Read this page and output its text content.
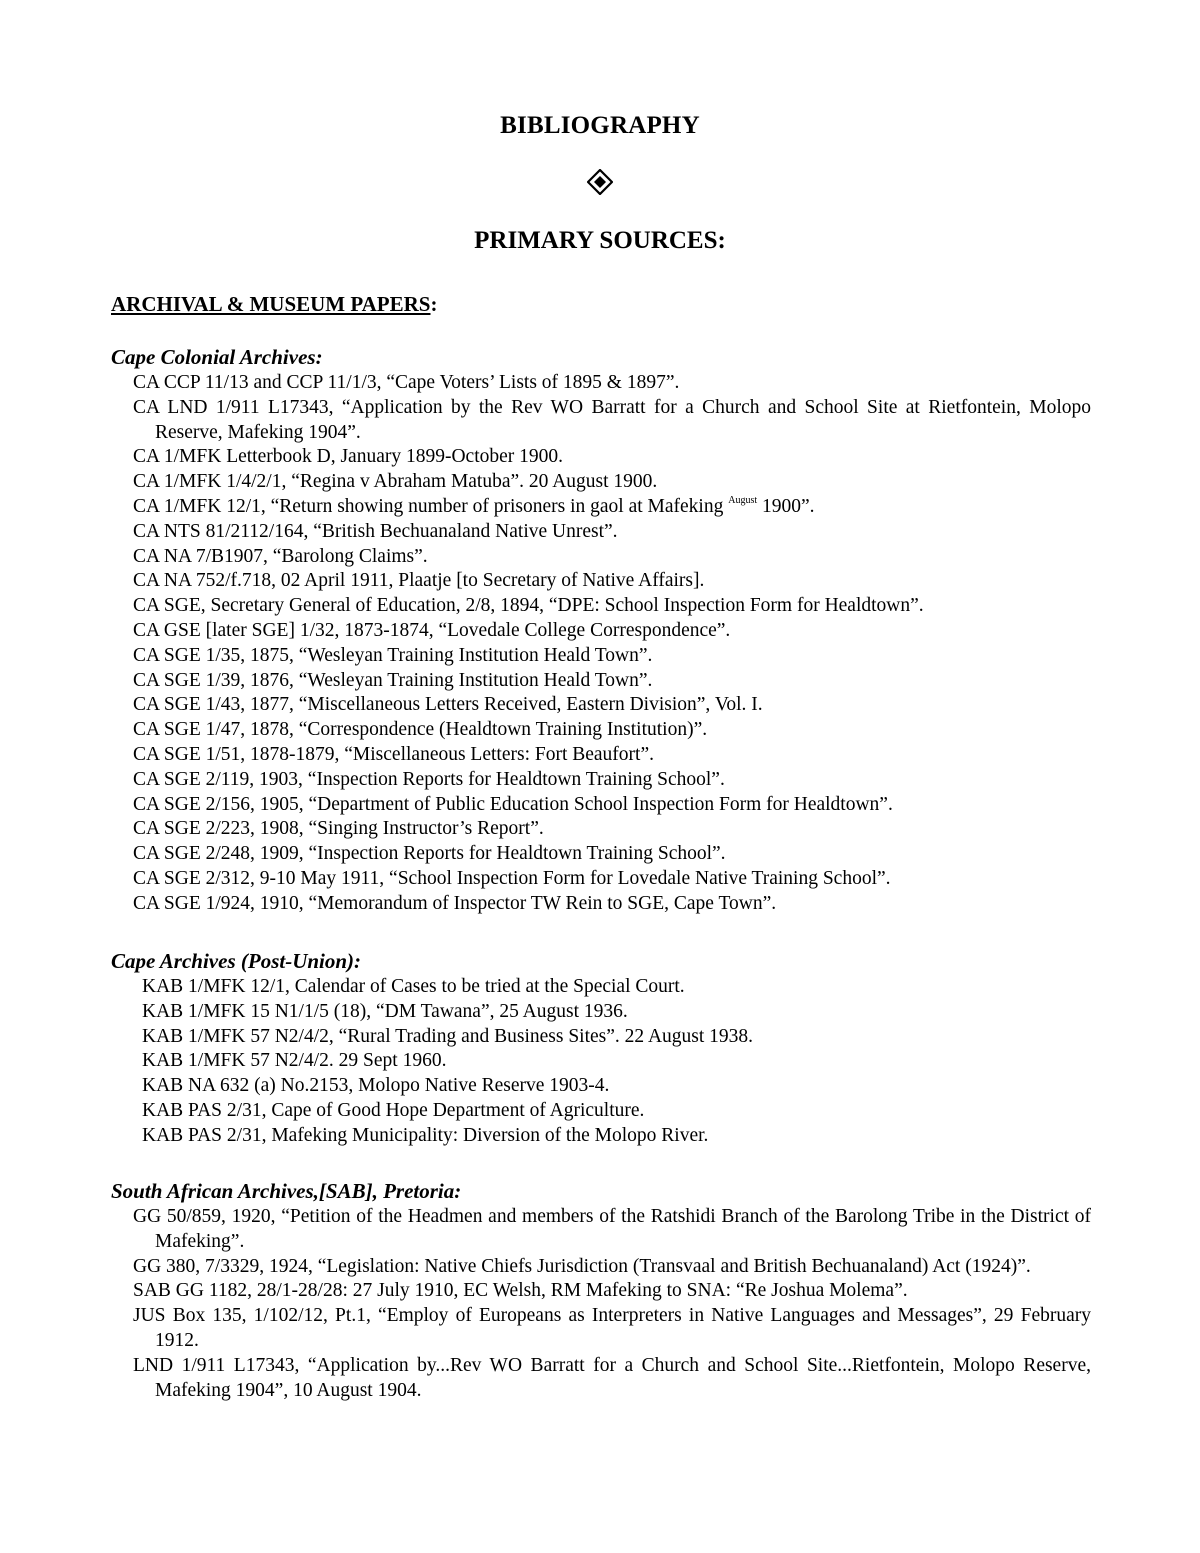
BIBLIOGRAPHY
PRIMARY SOURCES:
ARCHIVAL & MUSEUM PAPERS:
Cape Colonial Archives:
CA CCP 11/13 and CCP 11/1/3, “Cape Voters’ Lists of 1895 & 1897”.
CA LND 1/911 L17343, “Application by the Rev WO Barratt for a Church and School Site at Rietfontein, Molopo Reserve, Mafeking 1904”.
CA 1/MFK Letterbook D, January 1899-October 1900.
CA 1/MFK 1/4/2/1, “Regina v Abraham Matuba”. 20 August 1900.
CA 1/MFK 12/1, “Return showing number of prisoners in gaol at Mafeking $^{August}$ 1900”.
CA NTS 81/2112/164, “British Bechuanaland Native Unrest”.
CA NA 7/B1907, “Barolong Claims”.
CA NA 752/f.718, 02 April 1911, Plaatje [to Secretary of Native Affairs].
CA SGE, Secretary General of Education, 2/8, 1894, “DPE: School Inspection Form for Healdtown”.
CA GSE [later SGE] 1/32, 1873-1874, “Lovedale College Correspondence”.
CA SGE 1/35, 1875, “Wesleyan Training Institution Heald Town”.
CA SGE 1/39, 1876, “Wesleyan Training Institution Heald Town”.
CA SGE 1/43, 1877, “Miscellaneous Letters Received, Eastern Division”, Vol. I.
CA SGE 1/47, 1878, “Correspondence (Healdtown Training Institution)”.
CA SGE 1/51, 1878-1879, “Miscellaneous Letters: Fort Beaufort”.
CA SGE 2/119, 1903, “Inspection Reports for Healdtown Training School”.
CA SGE 2/156, 1905, “Department of Public Education School Inspection Form for Healdtown”.
CA SGE 2/223, 1908, “Singing Instructor’s Report”.
CA SGE 2/248, 1909, “Inspection Reports for Healdtown Training School”.
CA SGE 2/312, 9-10 May 1911, “School Inspection Form for Lovedale Native Training School”.
CA SGE 1/924, 1910, “Memorandum of Inspector TW Rein to SGE, Cape Town”.
Cape Archives (Post-Union):
KAB 1/MFK 12/1, Calendar of Cases to be tried at the Special Court.
KAB 1/MFK 15 N1/1/5 (18), “DM Tawana”, 25 August 1936.
KAB 1/MFK 57 N2/4/2, “Rural Trading and Business Sites”. 22 August 1938.
KAB 1/MFK 57 N2/4/2. 29 Sept 1960.
KAB NA 632 (a) No.2153, Molopo Native Reserve 1903-4.
KAB PAS 2/31, Cape of Good Hope Department of Agriculture.
KAB PAS 2/31, Mafeking Municipality: Diversion of the Molopo River.
South African Archives,[SAB], Pretoria:
GG 50/859, 1920, “Petition of the Headmen and members of the Ratshidi Branch of the Barolong Tribe in the District of Mafeking”.
GG 380, 7/3329, 1924, “Legislation: Native Chiefs Jurisdiction (Transvaal and British Bechuanaland) Act (1924)”.
SAB GG 1182, 28/1-28/28: 27 July 1910, EC Welsh, RM Mafeking to SNA: “Re Joshua Molema”.
JUS Box 135, 1/102/12, Pt.1, “Employ of Europeans as Interpreters in Native Languages and Messages”, 29 February 1912.
LND 1/911 L17343, “Application by...Rev WO Barratt for a Church and School Site...Rietfontein, Molopo Reserve, Mafeking 1904”, 10 August 1904.
